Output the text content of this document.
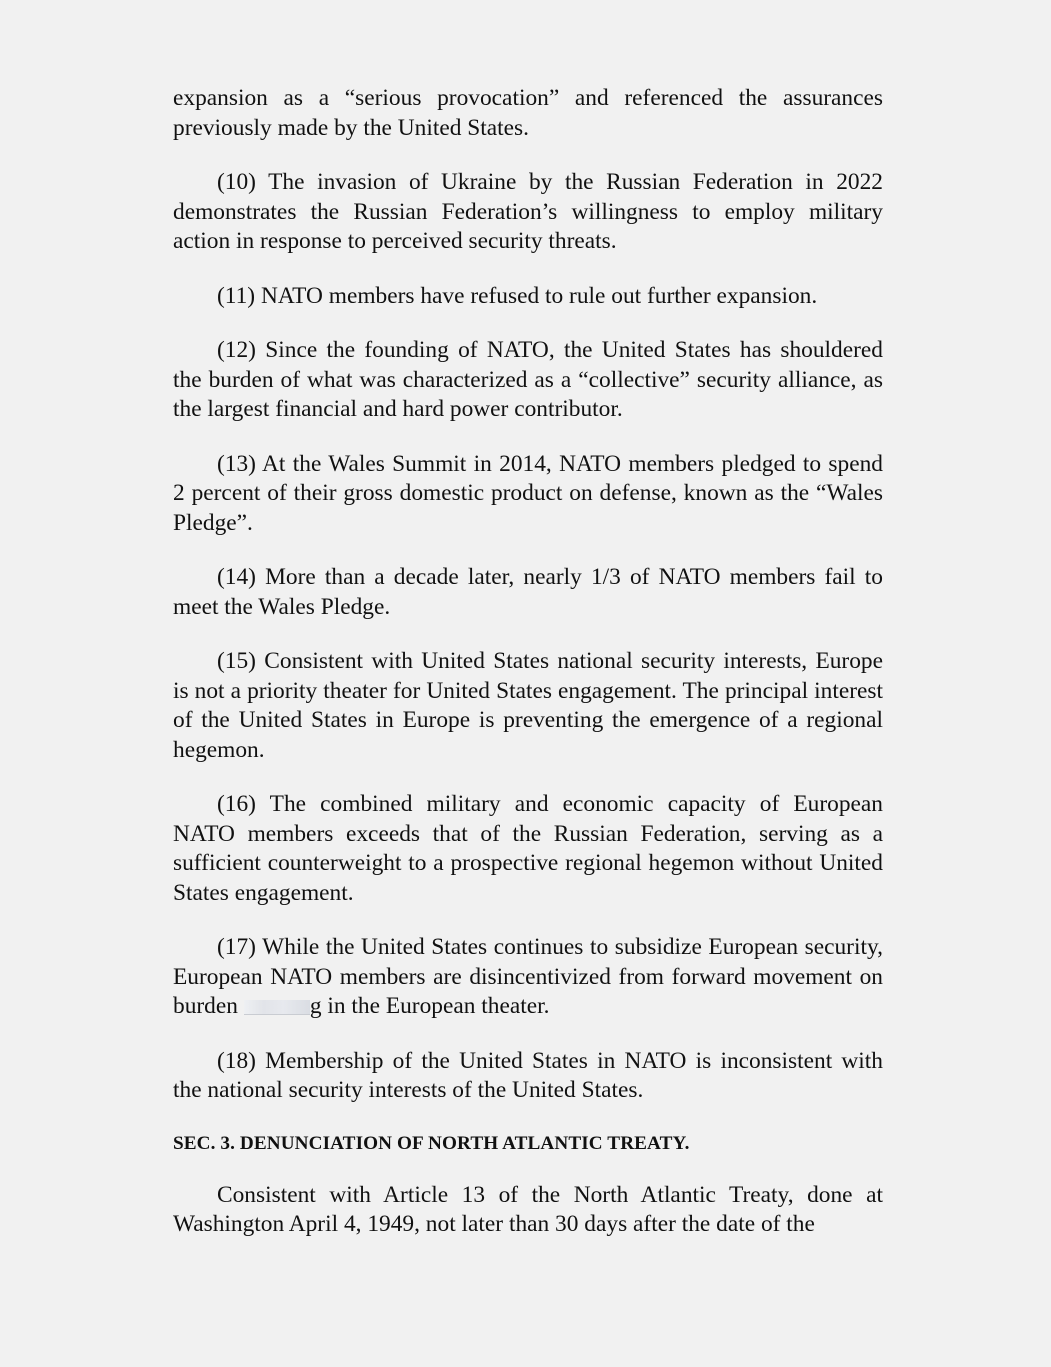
expansion as a “serious provocation” and referenced the assurances previously made by the United States.

(10) The invasion of Ukraine by the Russian Federation in 2022 demonstrates the Russian Federation’s willingness to employ military action in response to perceived security threats.

(11) NATO members have refused to rule out further expansion.

(12) Since the founding of NATO, the United States has shouldered the burden of what was characterized as a “collective” security alliance, as the largest financial and hard power contributor.

(13) At the Wales Summit in 2014, NATO members pledged to spend 2 percent of their gross domestic product on defense, known as the “Wales Pledge”.

(14) More than a decade later, nearly 1/3 of NATO members fail to meet the Wales Pledge.

(15) Consistent with United States national security interests, Europe is not a priority theater for United States engagement. The principal interest of the United States in Europe is preventing the emergence of a regional hegemon.

(16) The combined military and economic capacity of European NATO members exceeds that of the Russian Federation, serving as a sufficient counterweight to a prospective regional hegemon without United States engagement.

(17) While the United States continues to subsidize European security, European NATO members are disincentivized from forward movement on burden	g in the European theater.

(18) Membership of the United States in NATO is inconsistent with the national security interests of the United States.

SEC. 3. DENUNCIATION OF NORTH ATLANTIC TREATY.

Consistent with Article 13 of the North Atlantic Treaty, done at Washington April 4, 1949, not later than 30 days after the date of the
